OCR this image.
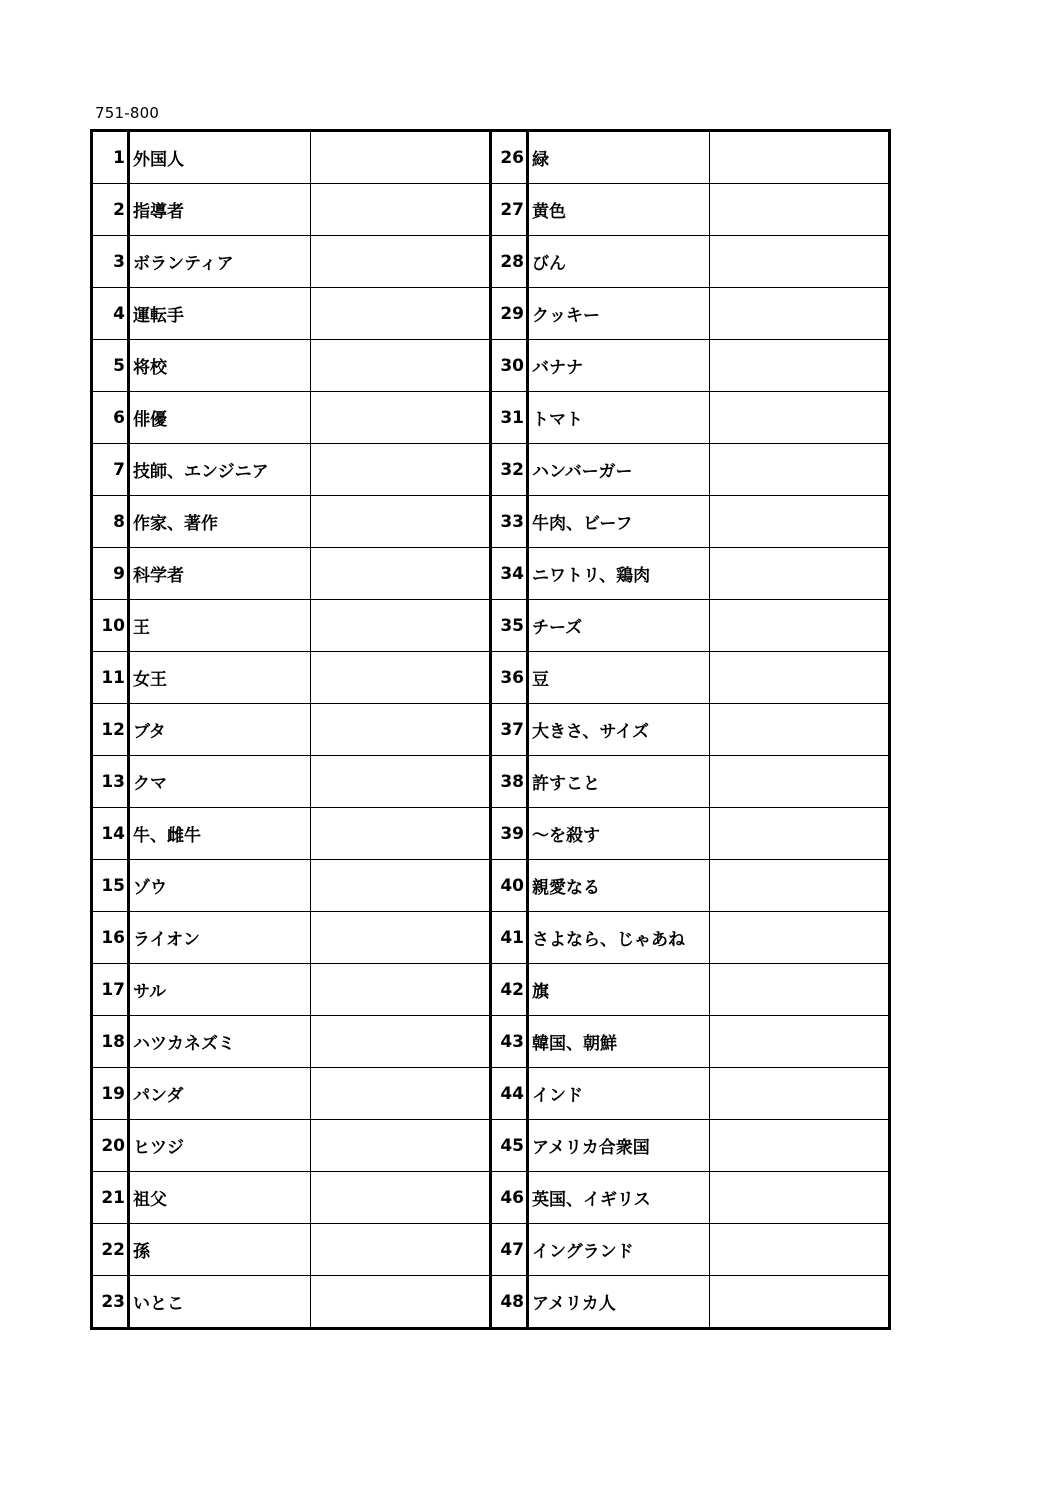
751-800
1	外国人		26	緑	
2	指導者		27	黄色	
3	ボランティア		28	びん	
4	運転手		29	クッキー	
5	将校		30	バナナ	
6	俳優		31	トマト	
7	技師、エンジニア		32	ハンバーガー	
8	作家、著作		33	牛肉、ビーフ	
9	科学者		34	ニワトリ、鶏肉	
10	王		35	チーズ	
11	女王		36	豆	
12	ブタ		37	大きさ、サイズ	
13	クマ		38	許すこと	
14	牛、雌牛		39	～を殺す	
15	ゾウ		40	親愛なる	
16	ライオン		41	さよなら、じゃあね	
17	サル		42	旗	
18	ハツカネズミ		43	韓国、朝鮮	
19	パンダ		44	インド	
20	ヒツジ		45	アメリカ合衆国	
21	祖父		46	英国、イギリス	
22	孫		47	イングランド	
23	いとこ		48	アメリカ人	
